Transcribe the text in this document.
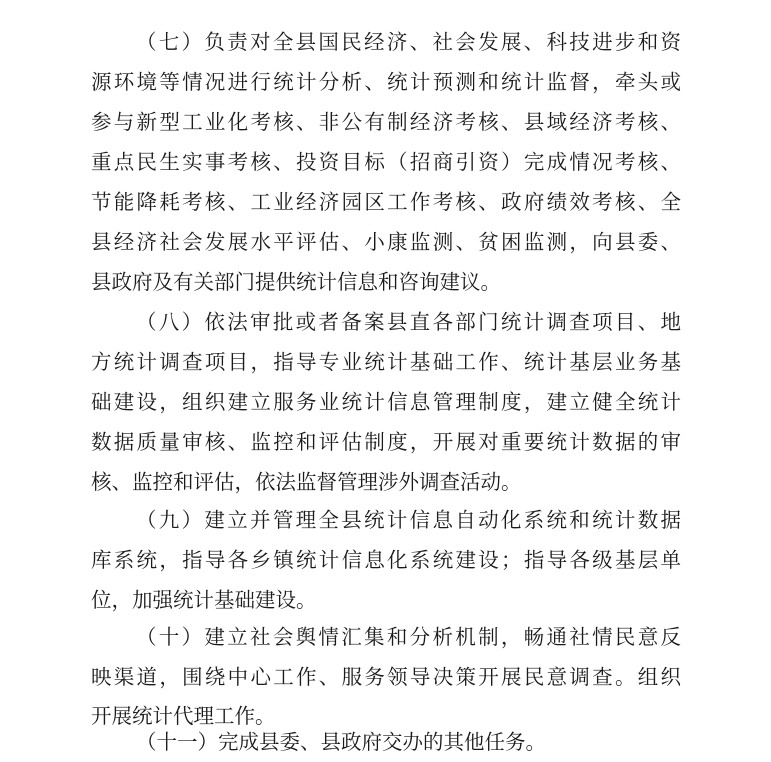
（七）负责对全县国民经济、社会发展、科技进步和资
源环境等情况进行统计分析、统计预测和统计监督，牵头或
参与新型工业化考核、非公有制经济考核、县域经济考核、
重点民生实事考核、投资目标（招商引资）完成情况考核、
节能降耗考核、工业经济园区工作考核、政府绩效考核、全
县经济社会发展水平评估、小康监测、贫困监测，向县委、
县政府及有关部门提供统计信息和咨询建议。
（八）依法审批或者备案县直各部门统计调查项目、地
方统计调查项目，指导专业统计基础工作、统计基层业务基
础建设，组织建立服务业统计信息管理制度，建立健全统计
数据质量审核、监控和评估制度，开展对重要统计数据的审
核、监控和评估，依法监督管理涉外调查活动。
（九）建立并管理全县统计信息自动化系统和统计数据
库系统，指导各乡镇统计信息化系统建设；指导各级基层单
位，加强统计基础建设。
（十）建立社会舆情汇集和分析机制，畅通社情民意反
映渠道，围绕中心工作、服务领导决策开展民意调查。组织
开展统计代理工作。
（十一）完成县委、县政府交办的其他任务。
